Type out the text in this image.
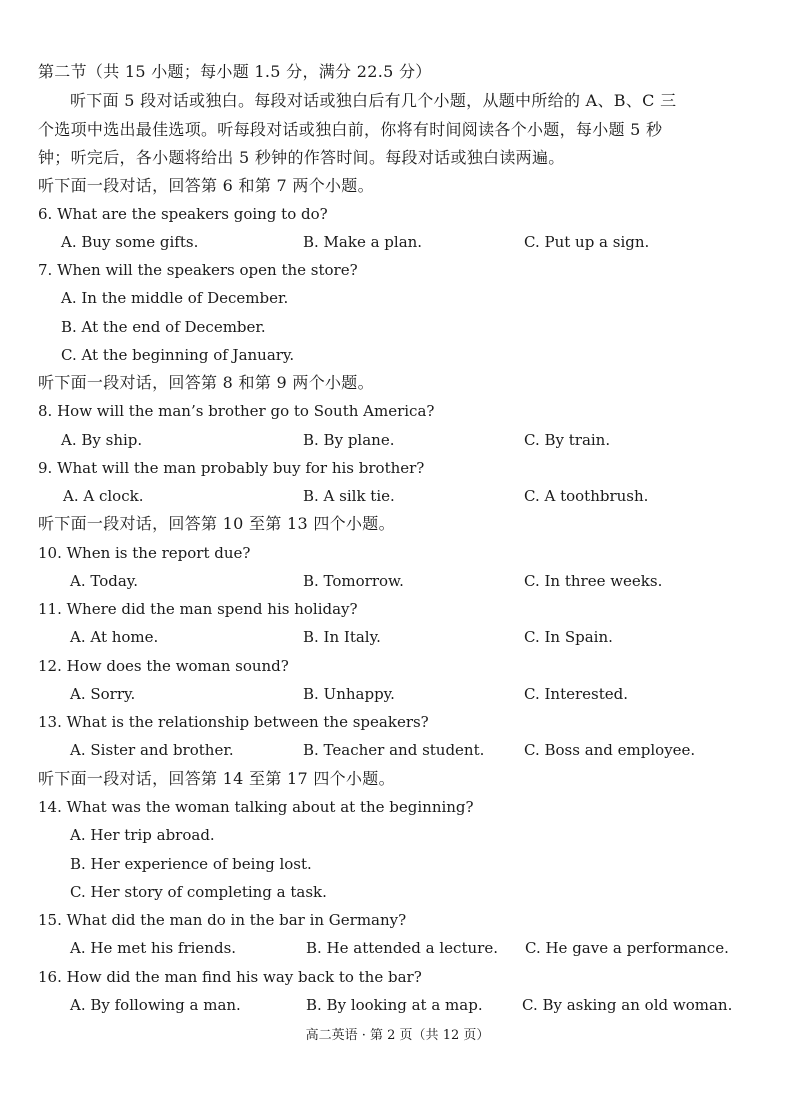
第二节（共 15 小题；每小题 1.5 分，满分 22.5 分）
听下面 5 段对话或独白。每段对话或独白后有几个小题，从题中所给的 A、B、C 三
个选项中选出最佳选项。听每段对话或独白前，你将有时间阅读各个小题，每小题 5 秒
钟；听完后，各小题将给出 5 秒钟的作答时间。每段对话或独白读两遍。
听下面一段对话，回答第 6 和第 7 两个小题。
6. What are the speakers going to do?
A. Buy some gifts.	B. Make a plan.	C. Put up a sign.
7. When will the speakers open the store?
A. In the middle of December.
B. At the end of December.
C. At the beginning of January.
听下面一段对话，回答第 8 和第 9 两个小题。
8. How will the man’s brother go to South America?
A. By ship.	B. By plane.	C. By train.
9. What will the man probably buy for his brother?
A. A clock.	B. A silk tie.	C. A toothbrush.
听下面一段对话，回答第 10 至第 13 四个小题。
10. When is the report due?
A. Today.	B. Tomorrow.	C. In three weeks.
11. Where did the man spend his holiday?
A. At home.	B. In Italy.	C. In Spain.
12. How does the woman sound?
A. Sorry.	B. Unhappy.	C. Interested.
13. What is the relationship between the speakers?
A. Sister and brother.	B. Teacher and student.	C. Boss and employee.
听下面一段对话，回答第 14 至第 17 四个小题。
14. What was the woman talking about at the beginning?
A. Her trip abroad.
B. Her experience of being lost.
C. Her story of completing a task.
15. What did the man do in the bar in Germany?
A. He met his friends.	B. He attended a lecture. C. He gave a performance.
16. How did the man find his way back to the bar?
A. By following a man.	B. By looking at a map.	C. By asking an old woman.
高二英语 · 第 2 页（共 12 页）
